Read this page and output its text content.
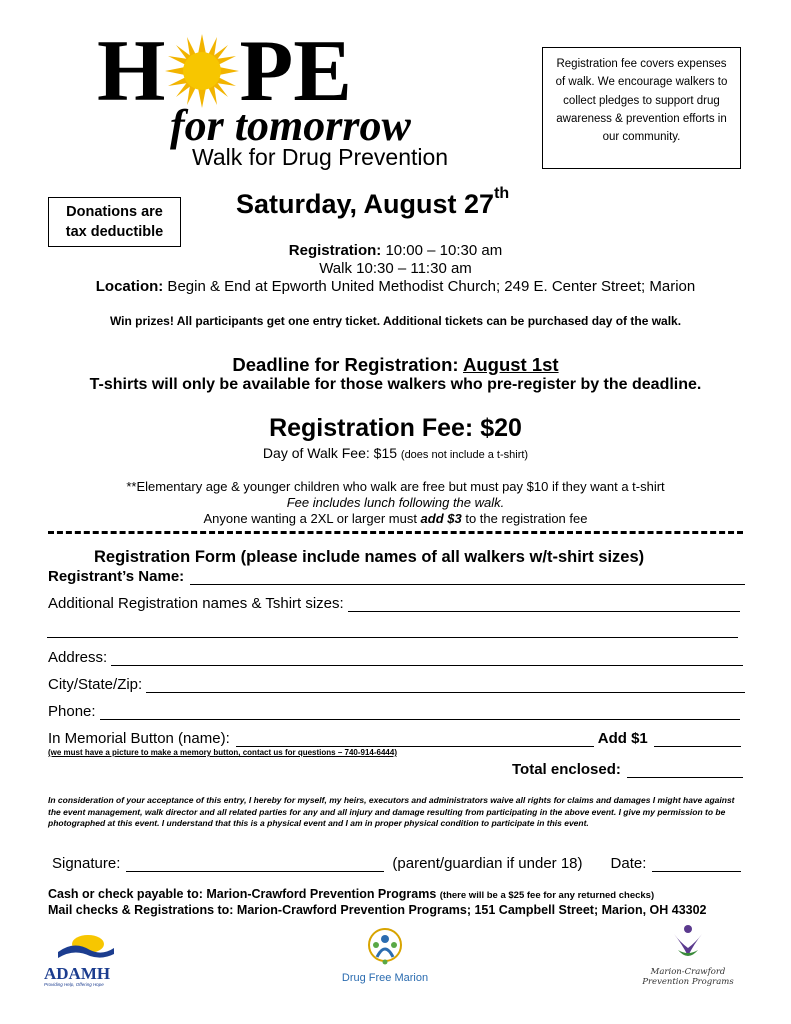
H PE
for tomorrow
Walk for Drug Prevention
Registration fee covers expenses of walk. We encourage walkers to collect pledges to support drug awareness & prevention efforts in our community.
Donations are
tax deductible
Saturday, August 27th
Registration: 10:00 – 10:30 am
Walk 10:30 – 11:30 am
Location: Begin & End at Epworth United Methodist Church; 249 E. Center Street; Marion
Win prizes! All participants get one entry ticket. Additional tickets can be purchased day of the walk.
Deadline for Registration: August 1st
T-shirts will only be available for those walkers who pre-register by the deadline.
Registration Fee: $20
Day of Walk Fee: $15 (does not include a t-shirt)
**Elementary age & younger children who walk are free but must pay $10 if they want a t-shirt
Fee includes lunch following the walk.
Anyone wanting a 2XL or larger must add $3 to the registration fee
Registration Form (please include names of all walkers w/t-shirt sizes)
Registrant’s Name:
Additional Registration names & Tshirt sizes:
Address:
City/State/Zip:
Phone:
In Memorial Button (name):	Add $1
(we must have a picture to make a memory button, contact us for questions – 740-914-6444)
Total enclosed:
In consideration of your acceptance of this entry, I hereby for myself, my heirs, executors and administrators waive all rights for claims and damages I might have against the event management, walk director and all related parties for any and all injury and damage resulting from participating in the above event. I give my permission to be photographed at this event. I understand that this is a physical event and I am in proper physical condition to participate in this event.
Signature:	(parent/guardian if under 18) Date:
Cash or check payable to: Marion-Crawford Prevention Programs (there will be a $25 fee for any returned checks)
Mail checks & Registrations to: Marion-Crawford Prevention Programs; 151 Campbell Street; Marion, OH 43302
ADAMH
Providing Help, Offering Hope
Drug Free Marion	Marion-Crawford
Prevention Programs
